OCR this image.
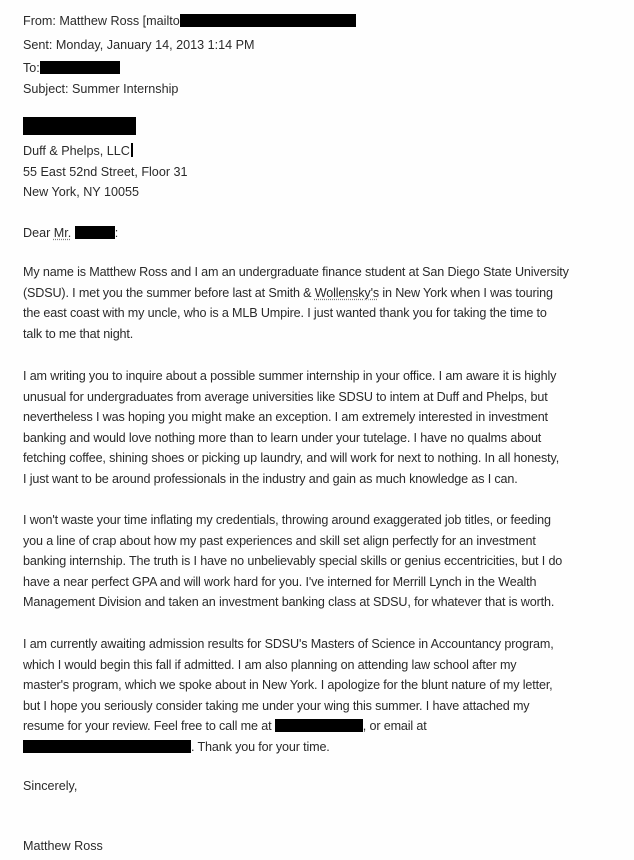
From: Matthew Ross [mailto
Sent: Monday, January 14, 2013 1:14 PM
To:
Subject: Summer Internship
Duff & Phelps, LLC
55 East 52nd Street, Floor 31
New York, NY 10055
Dear Mr.	:
My name is Matthew Ross and I am an undergraduate finance student at San Diego State University
(SDSU). I met you the summer before last at Smith & Wollensky's in New York when I was touring
the east coast with my uncle, who is a MLB Umpire. I just wanted thank you for taking the time to
talk to me that night.
I am writing you to inquire about a possible summer internship in your office. I am aware it is highly
unusual for undergraduates from average universities like SDSU to intem at Duff and Phelps, but
nevertheless I was hoping you might make an exception. I am extremely interested in investment
banking and would love nothing more than to learn under your tutelage. I have no qualms about
fetching coffee, shining shoes or picking up laundry, and will work for next to nothing. In all honesty,
I just want to be around professionals in the industry and gain as much knowledge as I can.
I won't waste your time inflating my credentials, throwing around exaggerated job titles, or feeding
you a line of crap about how my past experiences and skill set align perfectly for an investment
banking internship. The truth is I have no unbelievably special skills or genius eccentricities, but I do
have a near perfect GPA and will work hard for you. I've interned for Merrill Lynch in the Wealth
Management Division and taken an investment banking class at SDSU, for whatever that is worth.
I am currently awaiting admission results for SDSU's Masters of Science in Accountancy program,
which I would begin this fall if admitted. I am also planning on attending law school after my
master's program, which we spoke about in New York. I apologize for the blunt nature of my letter,
but I hope you seriously consider taking me under your wing this summer. I have attached my
resume for your review. Feel free to call me at	, or email at
. Thank you for your time.
Sincerely,
Matthew Ross
